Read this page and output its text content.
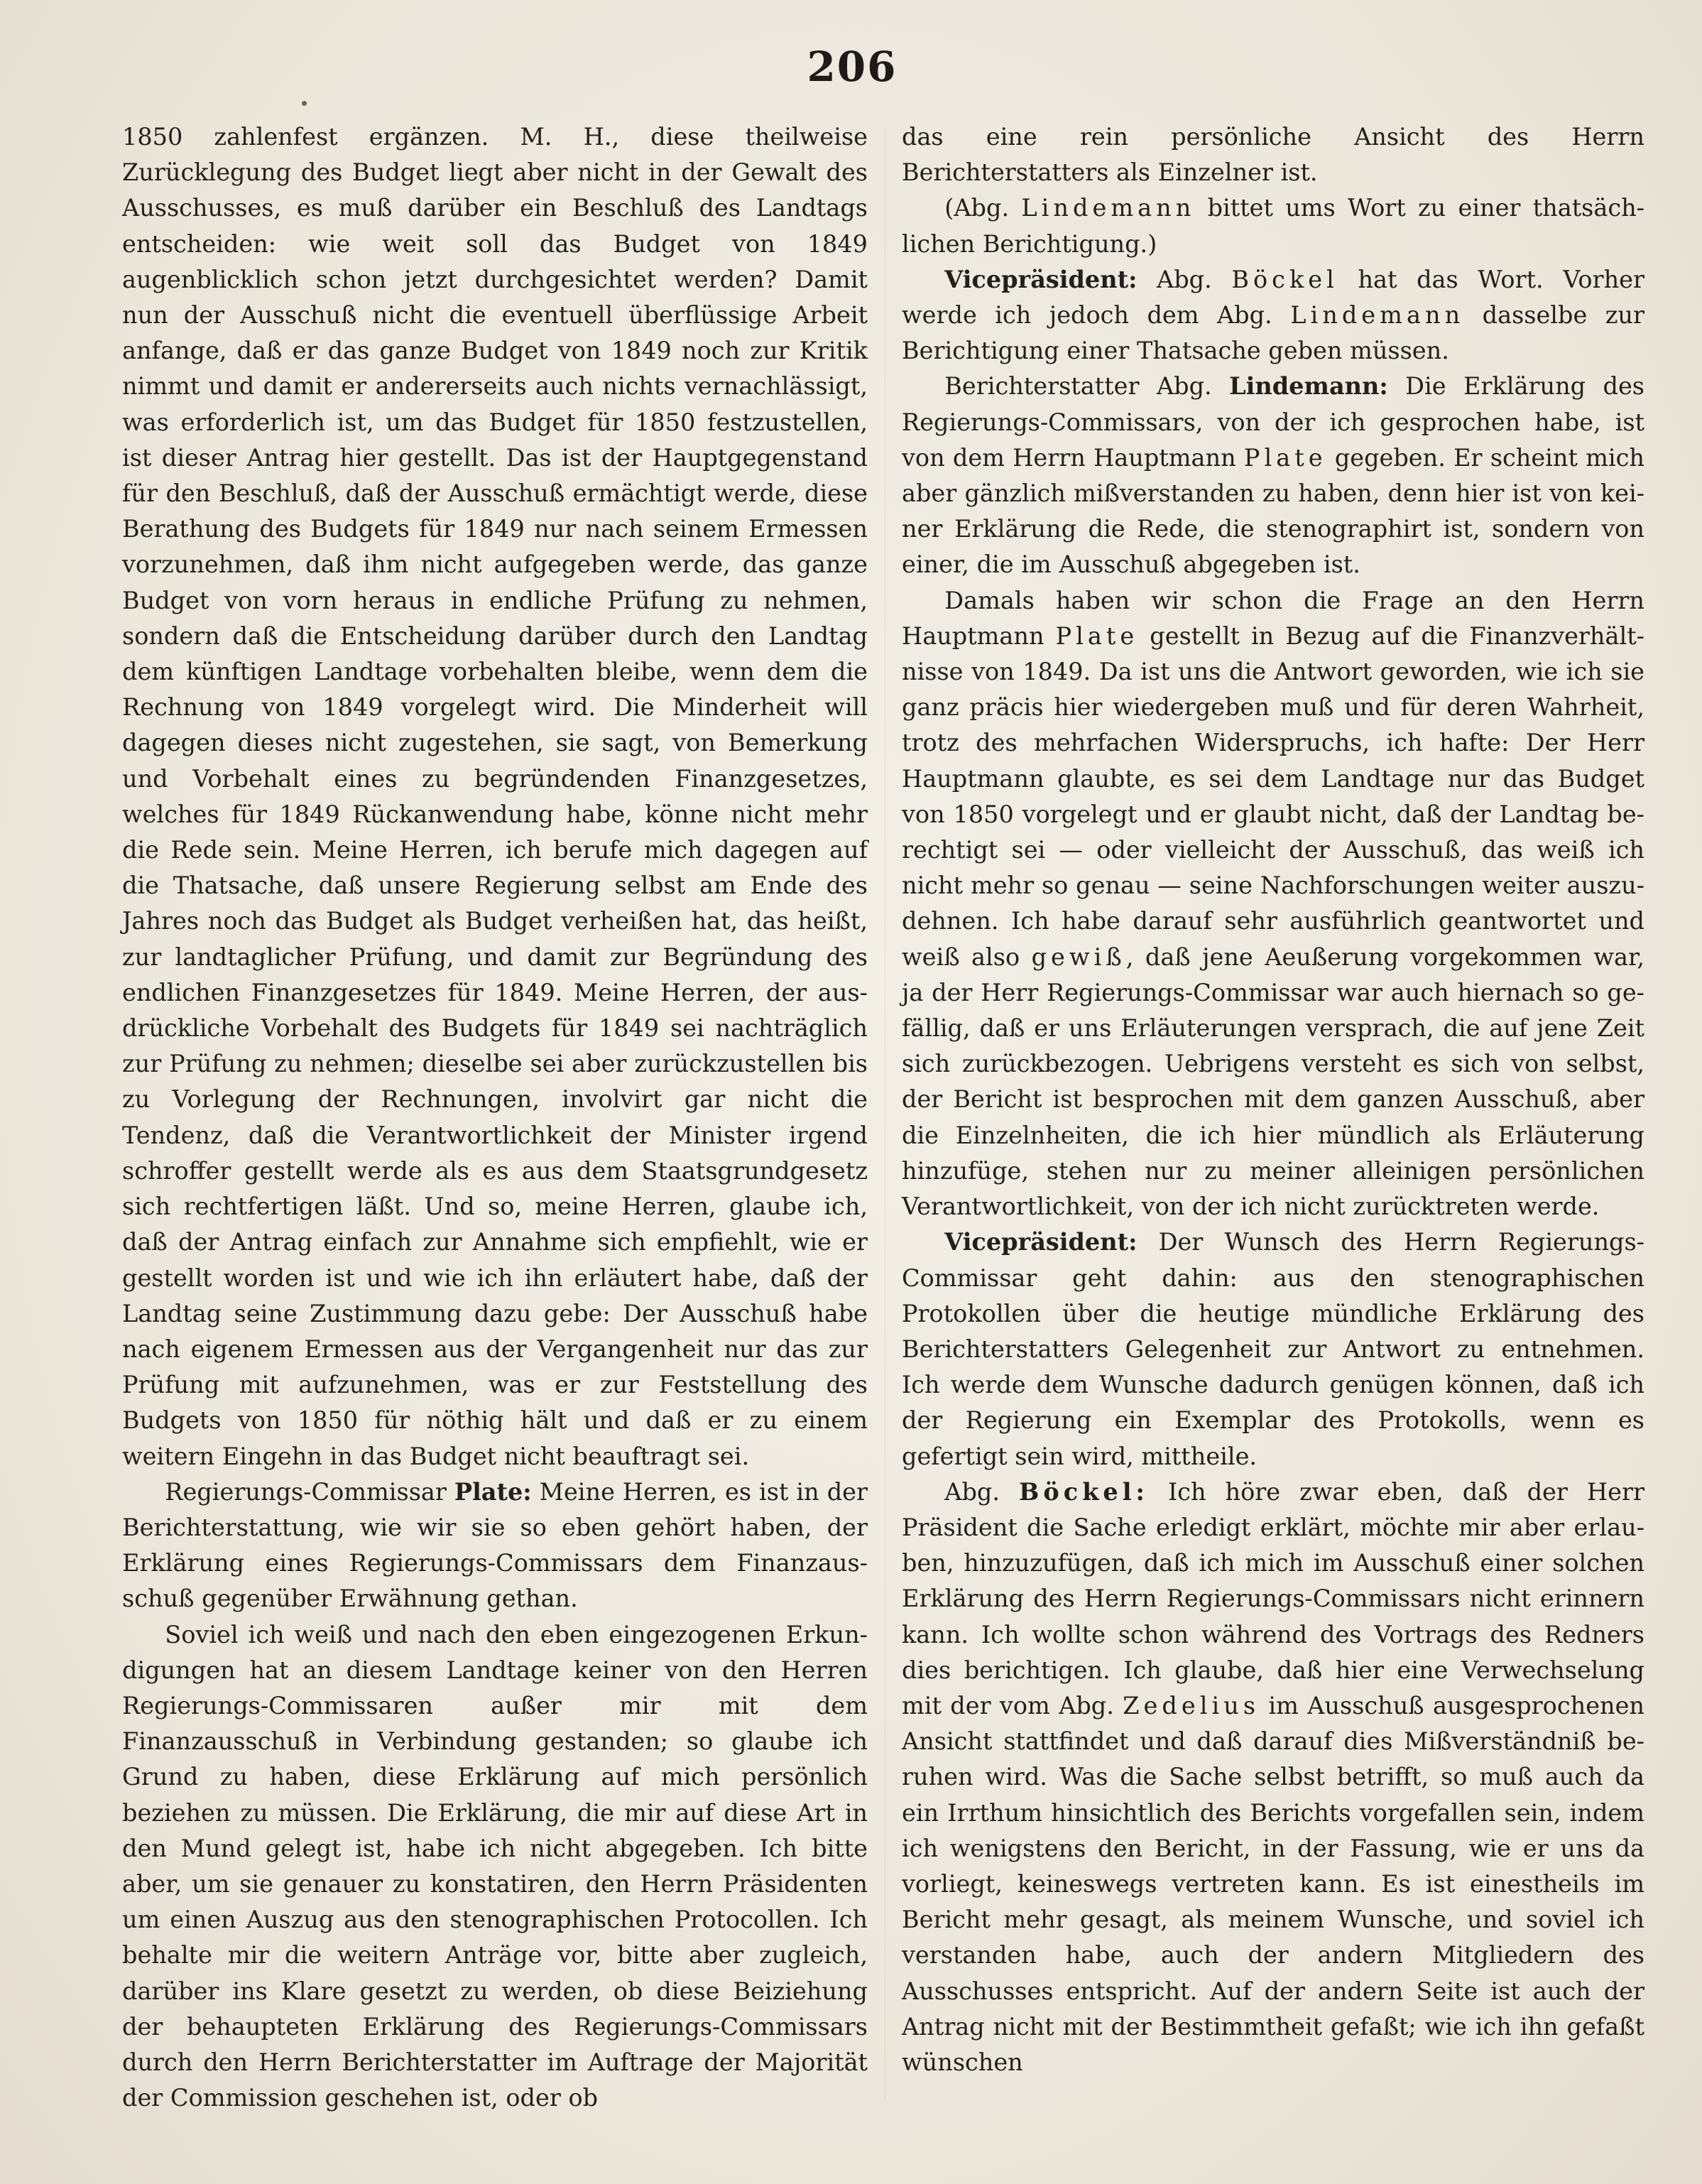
206

1850 zahlenfest ergänzen. M. H., diese theilweise Zurücklegung des Budget liegt aber nicht in der Gewalt des Ausschusses, es muß darüber ein Beschluß des Landtags entscheiden: wie weit soll das Budget von 1849 augenblicklich schon jetzt durchgesichtet werden? Damit nun der Ausschuß nicht die eventuell überflüssige Arbeit anfange, daß er das ganze Budget von 1849 noch zur Kritik nimmt und damit er andererseits auch nichts vernachlässigt, was erforderlich ist, um das Budget für 1850 festzustellen, ist dieser Antrag hier gestellt. Das ist der Hauptgegenstand für den Beschluß, daß der Ausschuß ermächtigt werde, diese Berathung des Budgets für 1849 nur nach seinem Ermessen vorzunehmen, daß ihm nicht aufgegeben werde, das ganze Budget von vorn heraus in endliche Prüfung zu nehmen, sondern daß die Entscheidung darüber durch den Landtag dem künftigen Landtage vorbehalten bleibe, wenn dem die Rechnung von 1849 vorgelegt wird. Die Minderheit will dagegen dieses nicht zugestehen, sie sagt, von Bemerkung und Vorbehalt eines zu begründenden Finanzgesetzes, welches für 1849 Rückanwendung habe, könne nicht mehr die Rede sein. Meine Herren, ich berufe mich dagegen auf die Thatsache, daß unsere Regierung selbst am Ende des Jahres noch das Budget als Budget verheißen hat, das heißt, zur landtaglicher Prüfung, und damit zur Begründung des endlichen Finanzgesetzes für 1849. Meine Herren, der ausdrückliche Vorbehalt des Budgets für 1849 sei nachträglich zur Prüfung zu nehmen; dieselbe sei aber zurückzustellen bis zu Vorlegung der Rechnungen, involvirt gar nicht die Tendenz, daß die Verantwortlichkeit der Minister irgend schroffer gestellt werde als es aus dem Staatsgrundgesetz sich rechtfertigen läßt. Und so, meine Herren, glaube ich, daß der Antrag einfach zur Annahme sich empfiehlt, wie er gestellt worden ist und wie ich ihn erläutert habe, daß der Landtag seine Zustimmung dazu gebe: Der Ausschuß habe nach eigenem Ermessen aus der Vergangenheit nur das zur Prüfung mit aufzunehmen, was er zur Feststellung des Budgets von 1850 für nöthig hält und daß er zu einem weitern Eingehn in das Budget nicht beauftragt sei.

Regierungs-Commissar Plate: Meine Herren, es ist in der Berichterstattung, wie wir sie so eben gehört haben, der Erklärung eines Regierungs-Commissars dem Finanzausschuß gegenüber Erwähnung gethan.

Soviel ich weiß und nach den eben eingezogenen Erkundigungen hat an diesem Landtage keiner von den Herren Regierungs-Commissaren außer mir mit dem Finanzausschuß in Verbindung gestanden; so glaube ich Grund zu haben, diese Erklärung auf mich persönlich beziehen zu müssen. Die Erklärung, die mir auf diese Art in den Mund gelegt ist, habe ich nicht abgegeben. Ich bitte aber, um sie genauer zu konstatiren, den Herrn Präsidenten um einen Auszug aus den stenographischen Protocollen. Ich behalte mir die weitern Anträge vor, bitte aber zugleich, darüber ins Klare gesetzt zu werden, ob diese Beiziehung der behaupteten Erklärung des Regierungs-Commissars durch den Herrn Berichterstatter im Auftrage der Majorität der Commission geschehen ist, oder ob

das eine rein persönliche Ansicht des Herrn Berichterstatters als Einzelner ist.

(Abg. Lindemann bittet ums Wort zu einer thatsächlichen Berichtigung.)

Vicepräsident: Abg. Böckel hat das Wort. Vorher werde ich jedoch dem Abg. Lindemann dasselbe zur Berichtigung einer Thatsache geben müssen.

Berichterstatter Abg. Lindemann: Die Erklärung des Regierungs-Commissars, von der ich gesprochen habe, ist von dem Herrn Hauptmann Plate gegeben. Er scheint mich aber gänzlich mißverstanden zu haben, denn hier ist von keiner Erklärung die Rede, die stenographirt ist, sondern von einer, die im Ausschuß abgegeben ist.

Damals haben wir schon die Frage an den Herrn Hauptmann Plate gestellt in Bezug auf die Finanzverhältnisse von 1849. Da ist uns die Antwort geworden, wie ich sie ganz präcis hier wiedergeben muß und für deren Wahrheit, trotz des mehrfachen Widerspruchs, ich hafte: Der Herr Hauptmann glaubte, es sei dem Landtage nur das Budget von 1850 vorgelegt und er glaubt nicht, daß der Landtag berechtigt sei — oder vielleicht der Ausschuß, das weiß ich nicht mehr so genau — seine Nachforschungen weiter auszudehnen. Ich habe darauf sehr ausführlich geantwortet und weiß also gewiß, daß jene Aeußerung vorgekommen war, ja der Herr Regierungs-Commissar war auch hiernach so gefällig, daß er uns Erläuterungen versprach, die auf jene Zeit sich zurückbezogen. Uebrigens versteht es sich von selbst, der Bericht ist besprochen mit dem ganzen Ausschuß, aber die Einzelnheiten, die ich hier mündlich als Erläuterung hinzufüge, stehen nur zu meiner alleinigen persönlichen Verantwortlichkeit, von der ich nicht zurücktreten werde.

Vicepräsident: Der Wunsch des Herrn Regierungs-Commissar geht dahin: aus den stenographischen Protokollen über die heutige mündliche Erklärung des Berichterstatters Gelegenheit zur Antwort zu entnehmen. Ich werde dem Wunsche dadurch genügen können, daß ich der Regierung ein Exemplar des Protokolls, wenn es gefertigt sein wird, mittheile.

Abg. Böckel: Ich höre zwar eben, daß der Herr Präsident die Sache erledigt erklärt, möchte mir aber erlauben, hinzuzufügen, daß ich mich im Ausschuß einer solchen Erklärung des Herrn Regierungs-Commissars nicht erinnern kann. Ich wollte schon während des Vortrags des Redners dies berichtigen. Ich glaube, daß hier eine Verwechselung mit der vom Abg. Zedelius im Ausschuß ausgesprochenen Ansicht stattfindet und daß darauf dies Mißverständniß beruhen wird. Was die Sache selbst betrifft, so muß auch da ein Irrthum hinsichtlich des Berichts vorgefallen sein, indem ich wenigstens den Bericht, in der Fassung, wie er uns da vorliegt, keineswegs vertreten kann. Es ist einestheils im Bericht mehr gesagt, als meinem Wunsche, und soviel ich verstanden habe, auch der andern Mitgliedern des Ausschusses entspricht. Auf der andern Seite ist auch der Antrag nicht mit der Bestimmtheit gefaßt; wie ich ihn gefaßt wünschen
